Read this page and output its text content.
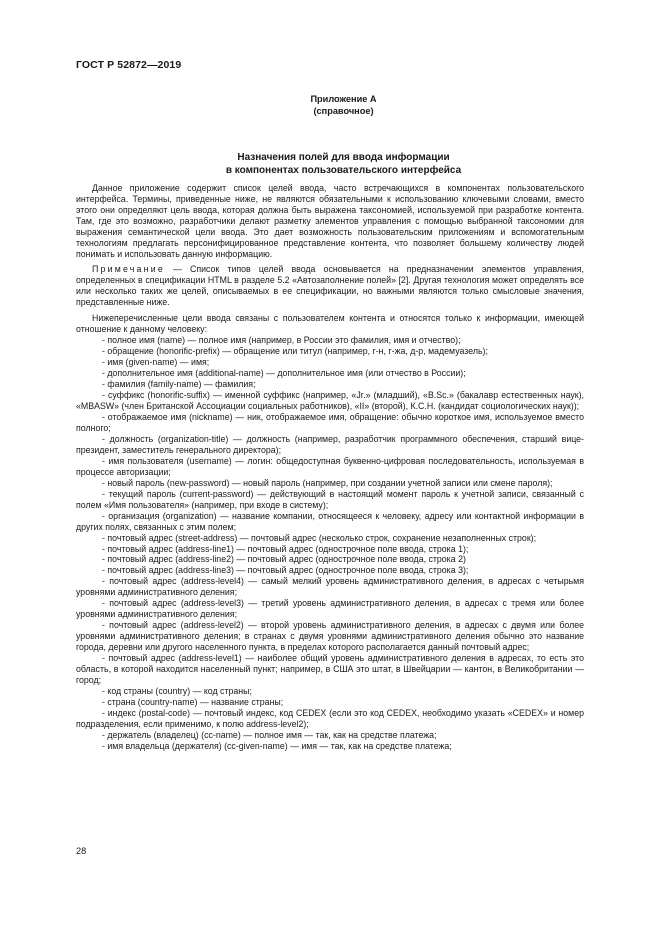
ГОСТ Р 52872—2019
Приложение А
(справочное)
Назначения полей для ввода информации
в компонентах пользовательского интерфейса

Данное приложение содержит список целей ввода, часто встречающихся в компонентах пользовательского интерфейса. Термины, приведенные ниже, не являются обязательными к использованию ключевыми словами, вместо этого они определяют цель ввода, которая должна быть выражена таксономией, используемой при разработке контента. Там, где это возможно, разработчики делают разметку элементов управления с помощью выбранной таксономии для выражения семантической цели ввода. Это дает возможность пользовательским приложениям и вспомогательным технологиям предлагать персонифицированное представление контента, что позволяет большему количеству людей понимать и использовать данную информацию.

Примечание — Список типов целей ввода основывается на предназначении элементов управления, определенных в спецификации HTML в разделе 5.2 «Автозаполнение полей» [2]. Другая технология может определять все или несколько таких же целей, описываемых в ее спецификации, но важными являются только смысловые значения, представленные ниже.

Нижеперечисленные цели ввода связаны с пользователем контента и относятся только к информации, имеющей отношение к данному человеку:

- полное имя (name) — полное имя (например, в России это фамилия, имя и отчество);
- обращение (honorific-prefix) — обращение или титул (например, г-н, г-жа, д-р, мадемуазель);
- имя (given-name) — имя;
- дополнительное имя (additional-name) — дополнительное имя (или отчество в России);
- фамилия (family-name) — фамилия;
- суффикс (honorific-suffix) — именной суффикс (например, «Jr.» (младший), «B.Sc.» (бакалавр естественных наук), «MBASW» (член Британской Ассоциации социальных работников), «II» (второй), К.С.Н. (кандидат социологических наук));
- отображаемое имя (nickname) — ник, отображаемое имя, обращение: обычно короткое имя, используемое вместо полного;
- должность (organization-title) — должность (например, разработчик программного обеспечения, старший вице-президент, заместитель генерального директора);
- имя пользователя (username) — логин: общедоступная буквенно-цифровая последовательность, используемая в процессе авторизации;
- новый пароль (new-password) — новый пароль (например, при создании учетной записи или смене пароля);
- текущий пароль (current-password) — действующий в настоящий момент пароль к учетной записи, связанный с полем «Имя пользователя» (например, при входе в систему);
- организация (organization) — название компании, относящееся к человеку, адресу или контактной информации в других полях, связанных с этим полем;
- почтовый адрес (street-address) — почтовый адрес (несколько строк, сохранение незаполненных строк);
- почтовый адрес (address-line1) — почтовый адрес (однострочное поле ввода, строка 1);
- почтовый адрес (address-line2) — почтовый адрес (однострочное поле ввода, строка 2)
- почтовый адрес (address-line3) — почтовый адрес (однострочное поле ввода, строка 3);
- почтовый адрес (address-level4) — самый мелкий уровень административного деления, в адресах с четырьмя уровнями административного деления;
- почтовый адрес (address-level3) — третий уровень административного деления, в адресах с тремя или более уровнями административного деления;
- почтовый адрес (address-level2) — второй уровень административного деления, в адресах с двумя или более уровнями административного деления; в странах с двумя уровнями административного деления обычно это название города, деревни или другого населенного пункта, в пределах которого располагается данный почтовый адрес;
- почтовый адрес (address-level1) — наиболее общий уровень административного деления в адресах, то есть это область, в которой находится населенный пункт; например, в США это штат, в Швейцарии — кантон, в Великобритании — город;
- код страны (country) — код страны;
- страна (country-name) — название страны;
- индекс (postal-code) — почтовый индекс, код CEDEX (если это код CEDEX, необходимо указать «CEDEX» и номер подразделения, если применимо, к полю address-level2);
- держатель (владелец) (cc-name) — полное имя — так, как на средстве платежа;
- имя владельца (держателя) (cc-given-name) — имя — так, как на средстве платежа;
28
